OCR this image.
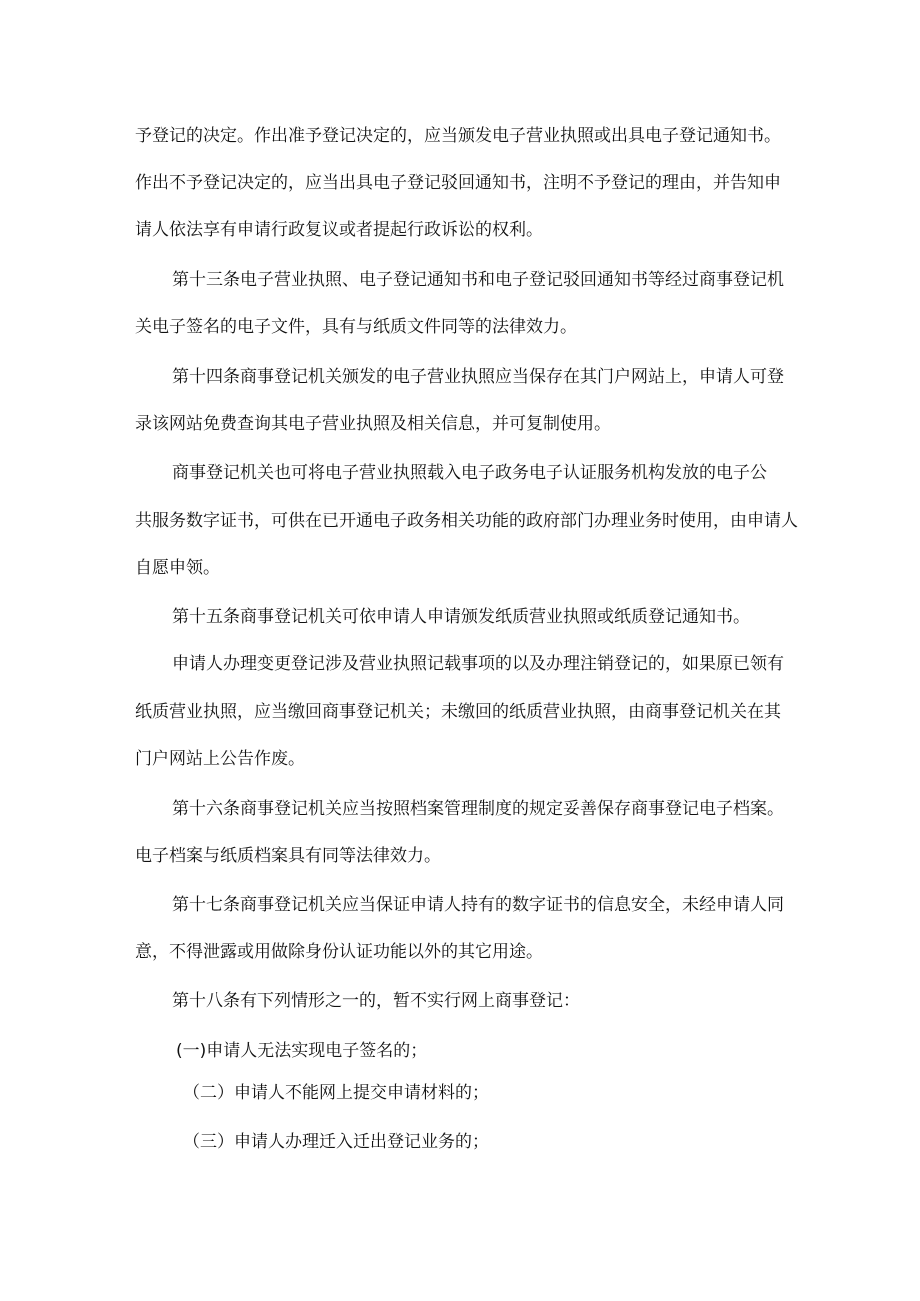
予登记的决定。作出准予登记决定的，应当颁发电子营业执照或出具电子登记通知书。

作出不予登记决定的，应当出具电子登记驳回通知书，注明不予登记的理由，并告知申

请人依法享有申请行政复议或者提起行政诉讼的权利。

第十三条电子营业执照、电子登记通知书和电子登记驳回通知书等经过商事登记机

关电子签名的电子文件，具有与纸质文件同等的法律效力。

第十四条商事登记机关颁发的电子营业执照应当保存在其门户网站上，申请人可登

录该网站免费查询其电子营业执照及相关信息，并可复制使用。

商事登记机关也可将电子营业执照载入电子政务电子认证服务机构发放的电子公

共服务数字证书，可供在已开通电子政务相关功能的政府部门办理业务时使用，由申请人

自愿申领。

第十五条商事登记机关可依申请人申请颁发纸质营业执照或纸质登记通知书。

申请人办理变更登记涉及营业执照记载事项的以及办理注销登记的，如果原已领有

纸质营业执照，应当缴回商事登记机关；未缴回的纸质营业执照，由商事登记机关在其

门户网站上公告作废。

第十六条商事登记机关应当按照档案管理制度的规定妥善保存商事登记电子档案。

电子档案与纸质档案具有同等法律效力。

第十七条商事登记机关应当保证申请人持有的数字证书的信息安全，未经申请人同

意，不得泄露或用做除身份认证功能以外的其它用途。

第十八条有下列情形之一的，暂不实行网上商事登记：

(一)申请人无法实现电子签名的；

（二）申请人不能网上提交申请材料的；

（三）申请人办理迁入迁出登记业务的；
